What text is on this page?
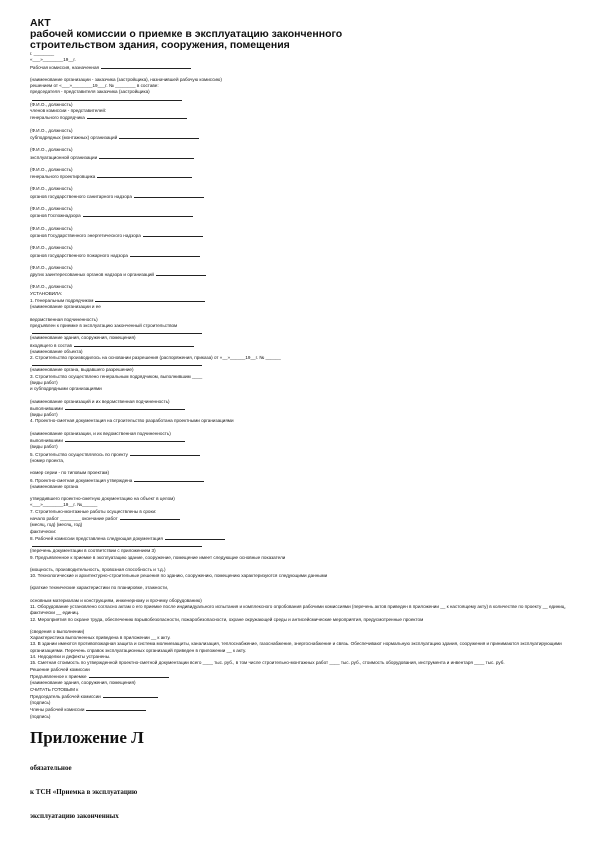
АКТ

рабочей комиссии о приемке в эксплуатацию законченного

строительством здания, сооружения, помещения

г. ________
«___»________19__г.
Рабочая комиссия, назначенная
(наименование организации - заказчика (застройщика), назначившей рабочую комиссию)
решением от «___»________19___г. № ________ в составе:
председателя - представителя заказчика (застройщика)
(Ф.И.О., должность)
членов комиссии - представителей:
генерального подрядчика
(Ф.И.О., должность)
субподрядных (монтажных) организаций
(Ф.И.О., должность)
эксплуатационной организации
(Ф.И.О., должность)
генерального проектировщика
(Ф.И.О., должность)
органов государственного санитарного надзора
(Ф.И.О., должность)
органов Госпожнадзора
(Ф.И.О., должность)
органов Государственного энергетического надзора
(Ф.И.О., должность)
органов государственного пожарного надзора
(Ф.И.О., должность)
других заинтересованных органов надзора и организаций
(Ф.И.О., должность)
УСТАНОВИЛА:
1. Генеральным подрядчиком
(наименование организации и ее
ведомственная подчиненность)
предъявлен к приемке в эксплуатацию законченный строительством
(наименование здания, сооружения, помещения)
входящего в состав
(наименование объекта)
2. Строительство производилось на основании разрешения (распоряжения, приказа) от «__»______19__г. № ______
(наименование органа, выдавшего разрешение)
3. Строительство осуществлено генеральным подрядчиком, выполнившим ____
(виды работ)
и субподрядными организациями
(наименование организаций и их ведомственная подчиненность)
выполнившими
(виды работ)
4. Проектно-сметная документация на строительство разработана проектными организациями
(наименование организации, и их ведомственная подчиненность)
выполнившими
(виды работ)
5. Строительство осуществлялось по проекту
(номер проекта,
номер серии - по типовым проектам)
6. Проектно-сметная документация утверждена
(наименование органа
утвердившего проектно-сметную документацию на объект в целом)
«___»________19__г. №______
7. Строительно-монтажные работы осуществлены в сроки:
начало работ ________ окончание работ
(месяц, год) (месяц, год)
фактически:
8. Рабочей комиссии представлена следующая документация
(перечень документации в соответствии с приложением 3)
9. Предъявленное к приемке в эксплуатацию здание, сооружение, помещение имеет следующие основные показатели
(мощность, производительность, провозная способность и т.д.)
10. Технологические и архитектурно-строительные решения по зданию, сооружению, помещению характеризуются следующими данными
(краткие технические характеристики по планировке, этажности,
основным материалам и конструкциям, инженерному и прочему оборудованию)
11. Оборудование установлено согласно актам о его приемке после индивидуального испытания и комплексного опробования рабочими комиссиями (перечень актов приведен в приложении __ к настоящему акту) в количестве по проекту __ единиц, фактически __ единиц.
12. Мероприятия по охране труда, обеспечению взрывобезопасности, пожаробезопасности, охране окружающей среды и антисейсмические мероприятия, предусмотренные проектом
(сведения о выполнении)
Характеристика выполненных приведена в приложении __ к акту.
13. В здании имеются противопожарная защита и система молниезащиты, канализация, теплоснабжение, газоснабжение, энергоснабжение и связь. Обеспечивают нормальную эксплуатацию здания, сооружения и принимаются эксплуатирующими организациями. Перечень справок эксплуатационных организаций приведен в приложении __ к акту.
14. Недоделки и дефекты устранены.
15. Сметная стоимость по утвержденной проектно-сметной документации всего ____ тыс. руб., в том числе строительно-монтажных работ ____ тыс. руб., стоимость оборудования, инструмента и инвентаря ____ тыс. руб.
Решение рабочей комиссии
Предъявленное к приемке
(наименование здания, сооружения, помещения)
СЧИТАТЬ ГОТОВЫМ к
Председатель рабочей комиссии
(подпись)
Члены рабочей комиссии
(подпись)

Приложение Л

обязательное
к ТСН «Приемка в эксплуатацию
эксплуатацию законченных
